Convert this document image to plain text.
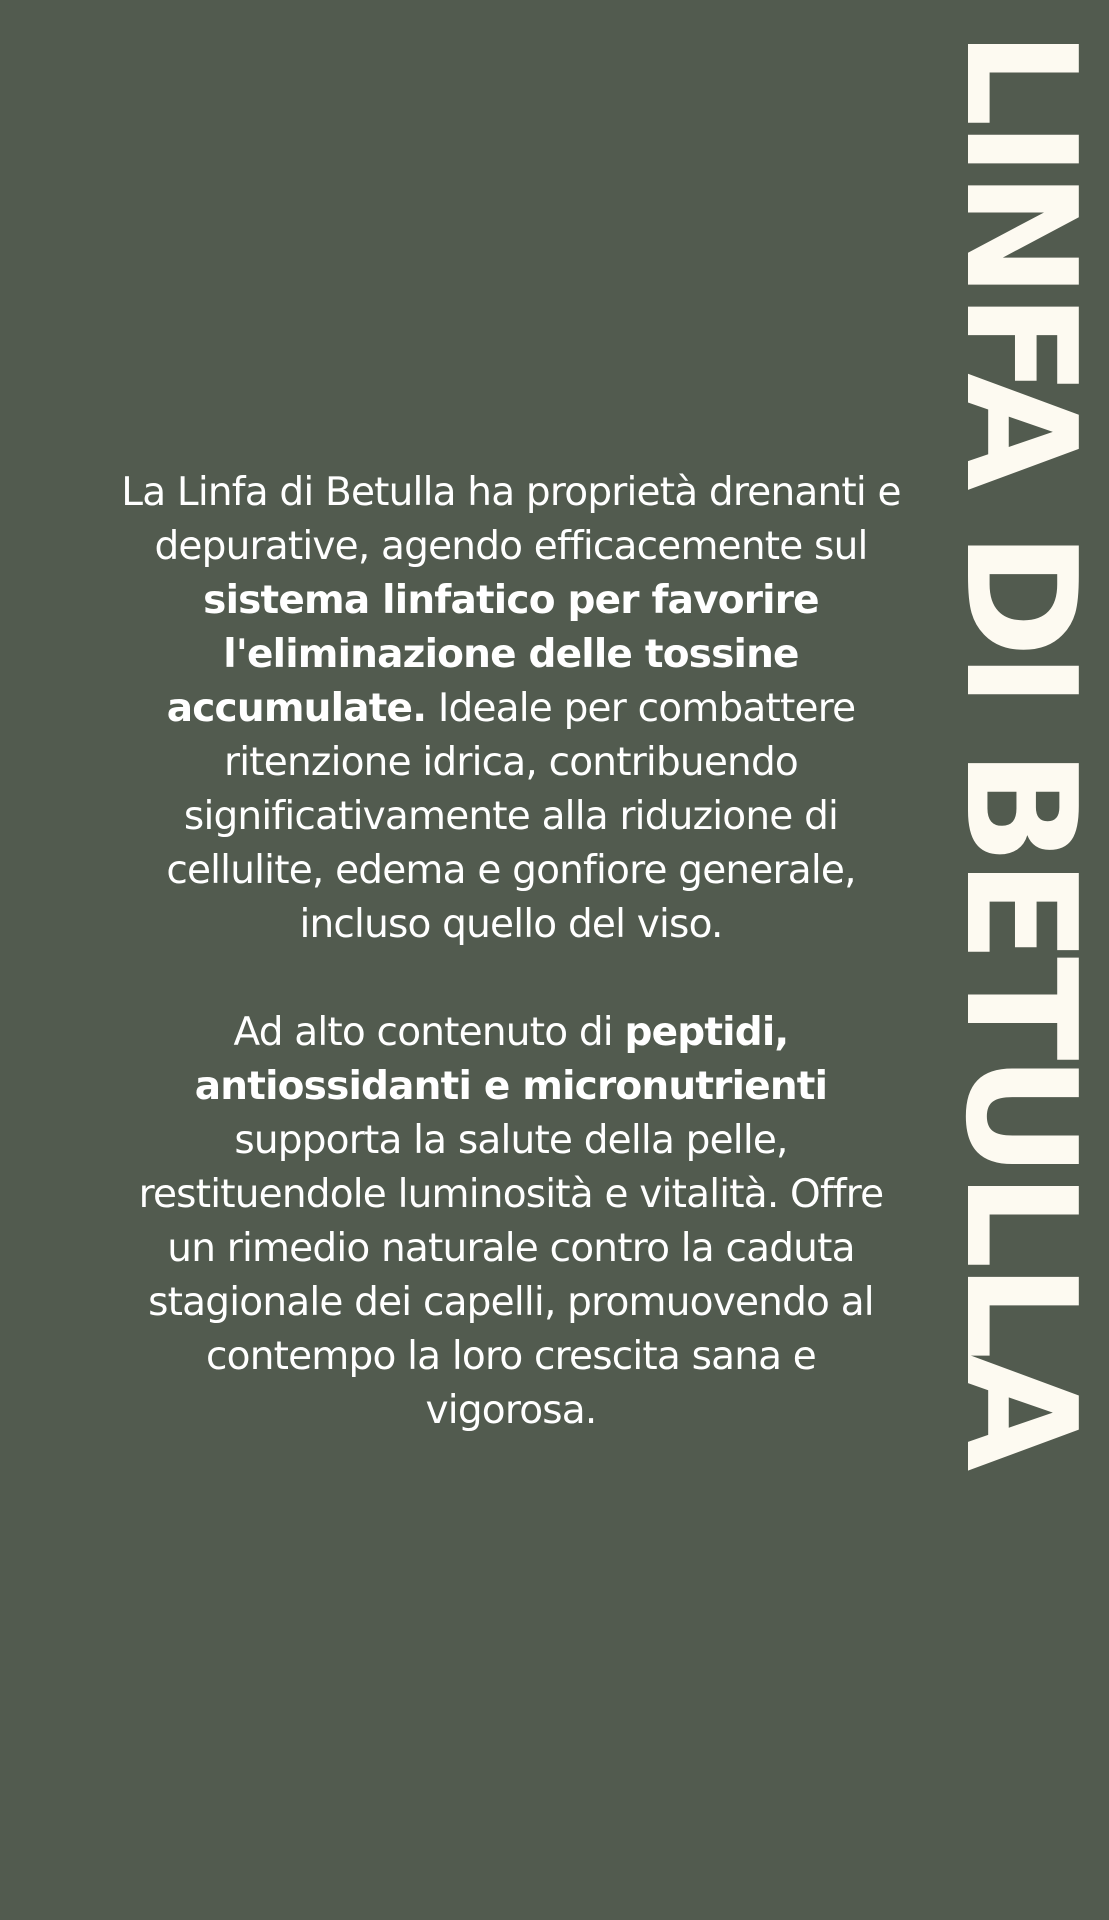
LINFA DI BETULLA

La Linfa di Betulla ha proprietà drenanti e depurative, agendo efficacemente sul sistema linfatico per favorire l'eliminazione delle tossine accumulate. Ideale per combattere ritenzione idrica, contribuendo significativamente alla riduzione di cellulite, edema e gonfiore generale, incluso quello del viso.

Ad alto contenuto di peptidi, antiossidanti e micronutrienti supporta la salute della pelle, restituendole luminosità e vitalità. Offre un rimedio naturale contro la caduta stagionale dei capelli, promuovendo al contempo la loro crescita sana e vigorosa.
